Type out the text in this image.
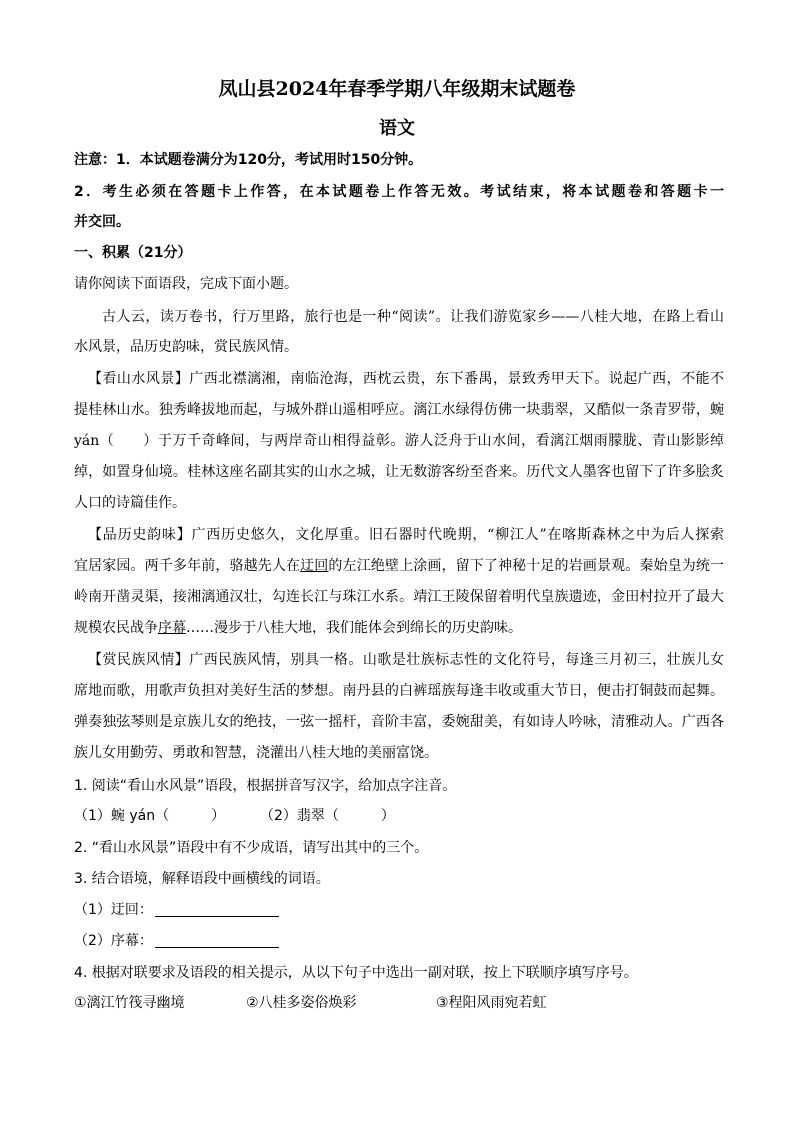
凤山县2024年春季学期八年级期末试题卷
语文
注意：1．本试题卷满分为120分，考试用时150分钟。
2．考生必须在答题卡上作答，在本试题卷上作答无效。考试结束，将本试题卷和答题卡一
并交回。
一、积累（21分）
请你阅读下面语段，完成下面小题。
古人云，读万卷书，行万里路，旅行也是一种“阅读”。让我们游览家乡——八桂大地，在路上看山
水风景，品历史韵味，赏民族风情。
【看山水风景】广西北襟漓湘，南临沧海，西枕云贵，东下番禺，景致秀甲天下。说起广西，不能不
提桂林山水。独秀峰拔地而起，与城外群山遥相呼应。漓江水绿得仿佛一块翡翠，又酷似一条青罗带，蜿
yán（　　）于万千奇峰间，与两岸奇山相得益彰。游人泛舟于山水间，看漓江烟雨朦胧、青山影影绰
绰，如置身仙境。桂林这座名副其实的山水之城，让无数游客纷至沓来。历代文人墨客也留下了许多脍炙
人口的诗篇佳作。
【品历史韵味】广西历史悠久，文化厚重。旧石器时代晚期，“柳江人”在喀斯森林之中为后人探索
宜居家园。两千多年前，骆越先人在迂回的左江绝壁上涂画，留下了神秘十足的岩画景观。秦始皇为统一
岭南开凿灵渠，接湘漓通汉壮，勾连长江与珠江水系。靖江王陵保留着明代皇族遗迹，金田村拉开了最大
规模农民战争序幕……漫步于八桂大地，我们能体会到绵长的历史韵味。
【赏民族风情】广西民族风情，别具一格。山歌是壮族标志性的文化符号，每逢三月初三，壮族儿女
席地而歌，用歌声负担对美好生活的梦想。南丹县的白裤瑶族每逢丰收或重大节日，便击打铜鼓而起舞。
弹奏独弦琴则是京族儿女的绝技，一弦一摇杆，音阶丰富，委婉甜美，有如诗人吟咏，清雅动人。广西各
族儿女用勤劳、勇敢和智慧，浇灌出八桂大地的美丽富饶。
1. 阅读“看山水风景”语段，根据拼音写汉字，给加点字注音。
（1）蜿 yán（　　　） （2）翡翠（　　　）
2. “看山水风景”语段中有不少成语，请写出其中的三个。
3. 结合语境，解释语段中画横线的词语。
（1）迂回：
（2）序幕：
4. 根据对联要求及语段的相关提示，从以下句子中选出一副对联，按上下联顺序填写序号。
①漓江竹筏寻幽境	②八桂多姿俗焕彩	③程阳风雨宛若虹
